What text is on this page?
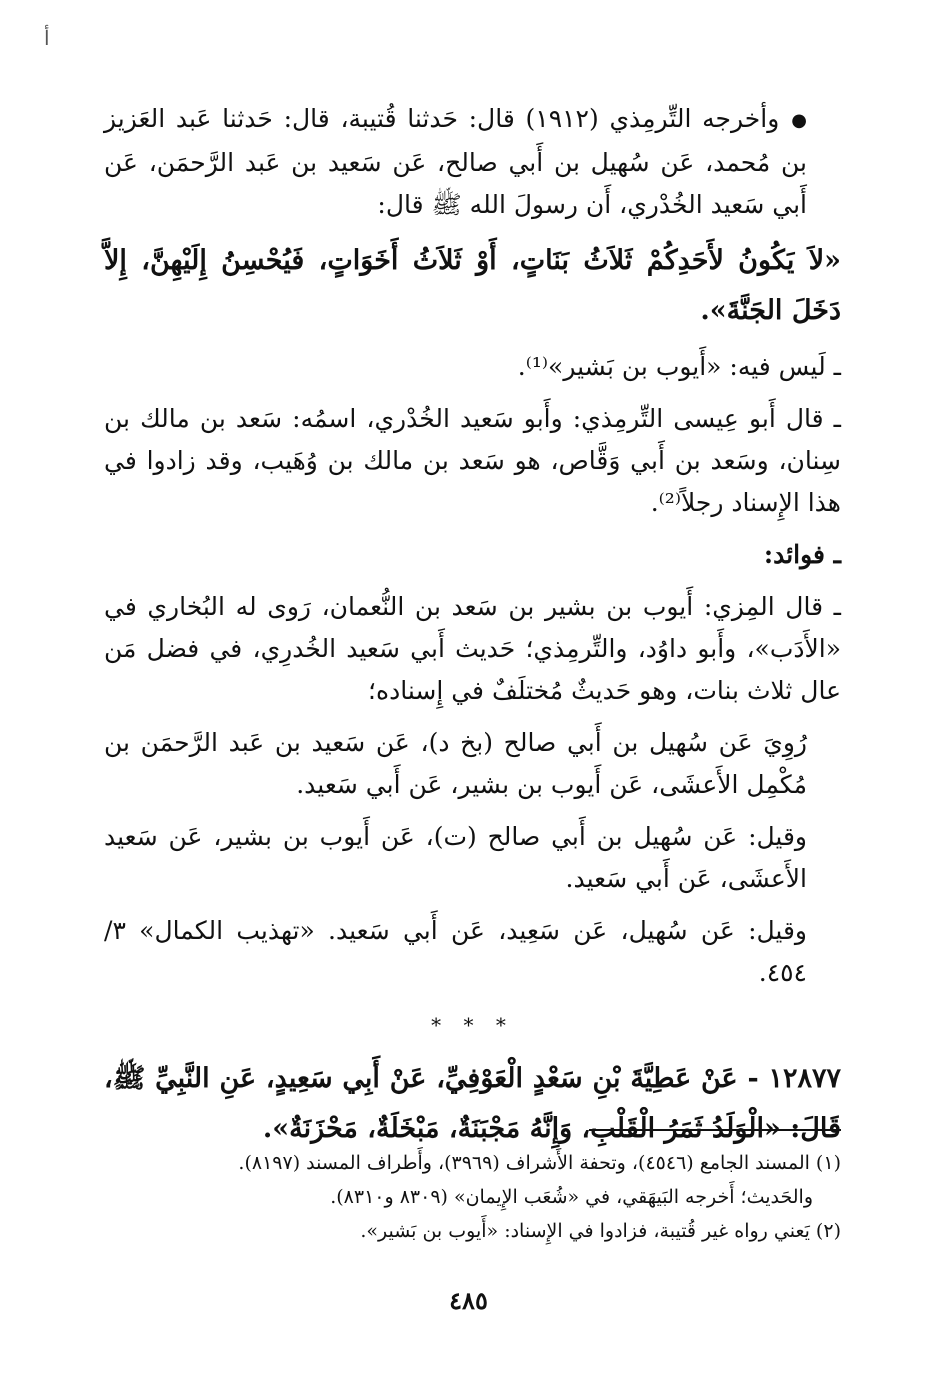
أ

●وأخرجه التِّرمِذي (١٩١٢) قال: حَدثنا قُتيبة، قال: حَدثنا عَبد العَزيز بن مُحمد، عَن سُهيل بن أَبي صالح، عَن سَعيد بن عَبد الرَّحمَن، عَن أَبي سَعيد الخُدْري، أَن رسولَ الله ﷺ قال:

«لاَ يَكُونُ لأَحَدِكُمْ ثَلاَثُ بَنَاتٍ، أَوْ ثَلاَثُ أَخَوَاتٍ، فَيُحْسِنُ إِلَيْهِنَّ، إِلاَّ دَخَلَ الجَنَّةَ».

ـ لَيس فيه: «أَيوب بن بَشير»⁽¹⁾.

ـ قال أَبو عِيسى التِّرمِذي: وأَبو سَعيد الخُدْري، اسمُه: سَعد بن مالك بن سِنان، وسَعد بن أَبي وَقَّاص، هو سَعد بن مالك بن وُهَيب، وقد زادوا في هذا الإِسناد رجلاً⁽²⁾.

ـ فوائد:

ـ قال المِزي: أَيوب بن بشير بن سَعد بن النُّعمان، رَوى له البُخاري في «الأَدَب»، وأَبو داوُد، والتِّرمِذي؛ حَديث أَبي سَعيد الخُدرِي، في فضل مَن عال ثلاث بنات، وهو حَديثٌ مُختلَفٌ في إِسناده؛

رُوِيَ عَن سُهيل بن أَبي صالح (بخ د)، عَن سَعيد بن عَبد الرَّحمَن بن مُكْمِل الأَعشَى، عَن أَيوب بن بشير، عَن أَبي سَعيد.

وقيل: عَن سُهيل بن أَبي صالح (ت)، عَن أَيوب بن بشير، عَن سَعيد الأَعشَى، عَن أَبي سَعيد.

وقيل: عَن سُهيل، عَن سَعِيد، عَن أَبي سَعيد. «تهذيب الكمال» ٣/ ٤٥٤.

* * *

١٢٨٧٧ - عَنْ عَطِيَّةَ بْنِ سَعْدٍ الْعَوْفِيِّ، عَنْ أَبِي سَعِيدٍ، عَنِ النَّبِيِّ ﷺ، قَالَ: «الْوَلَدُ ثَمَرُ الْقَلْبِ، وَإِنَّهُ مَجْبَنَةٌ، مَبْخَلَةٌ، مَحْزَنَةٌ».

(١) المسند الجامع (٤٥٤٦)، وتحفة الأَشراف (٣٩٦٩)، وأَطراف المسند (٨١٩٧).

والحَديث؛ أَخرجه البَيهَقي، في «شُعَب الإِيمان» (٨٣٠٩ و٨٣١٠).

(٢) يَعني رواه غير قُتيبة، فزادوا في الإِسناد: «أَيوب بن بَشير».

٤٨٥
